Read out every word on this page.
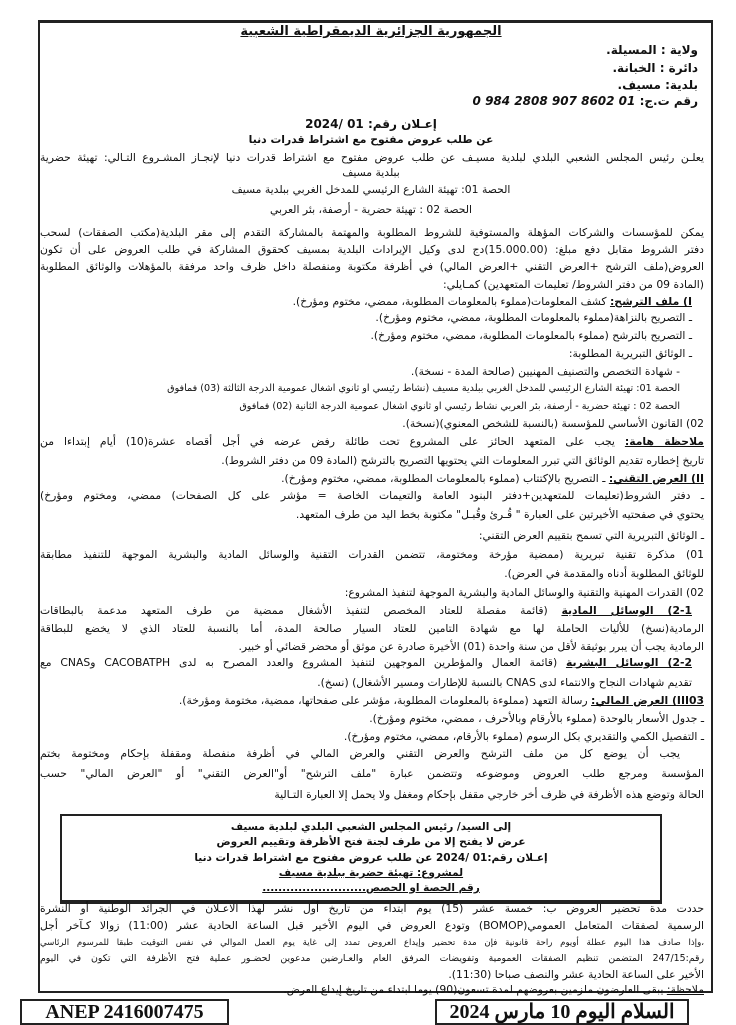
الجمهورية الجزائرية الديمقراطية الشعبية
ولاية : المسيلة.
دائرة : الخبانة.
بلدية: مسيف.
رقم ت.ج: 0 984 2808 907 8602 01
إعـلان رقم: 01 /2024
عن طلب عروض مفتوح مع اشتراط قدرات دنيا
يعلـن رئيس المجلس الشعبي البلدي لبلدية مسيـف عن طلب عروض مفتوح مع اشتراط قدرات دنيا لإنجـاز المشـروع التـالي: تهيئة حضرية
ببلدية مسيف
الحصة 01: تهيئة الشارع الرئيسي للمدخل الغربي ببلدية مسيف
الحصة 02 : تهيئة حضرية - أرصفة، بئر العربي
يمكن للمؤسسات والشركات المؤهلة والمستوفية للشروط المطلوبة والمهتمة بالمشاركة التقدم إلى مقر البلدية(مكتب الصفقات) لسحب
دفتر الشروط مقابل دفع مبلغ: (15.000.00)دج لدى وكيل الإيرادات البلدية بمسيف كحقوق المشاركة في طلب العروض على أن تكون
العروض(ملف الترشح +العرض التقني +العرض المالي) في أظرفة مكتوبة ومنفصلة داخل ظرف واحد مرفقة بالمؤهلات والوثائق المطلوبة
(المادة 09 من دفتر الشروط/ تعليمات المتعهدين) كمـايلي:
I) ملف الترشح: كشف المعلومات(مملوء بالمعلومات المطلوبة، ممضي، مختوم ومؤرخ).
ـ التصريح بالنزاهة(مملوء بالمعلومات المطلوبة، ممضي، مختوم ومؤرخ).
ـ التصريح بالترشح (مملوء بالمعلومات المطلوبة، ممضي، مختوم ومؤرخ).
ـ الوثائق التبريرية المطلوبة:
- شهادة التخصص والتصنيف المهنيين (صالحة المدة - نسخة).
الحصة 01: تهيئة الشارع الرئيسي للمدخل الغربي ببلدية مسيف (نشاط رئيسي او ثانوي اشغال عمومية الدرجة الثالثة (03) فمافوق
الحصة 02 : تهيئة حضرية - أرصفة، بئر العربي نشاط رئيسي او ثانوي اشغال عمومية الدرجة الثانية (02) فمافوق
02) القانون الأساسي للمؤسسة (بالنسبة للشخص المعنوي)(نسخة).
ملاحظة هامة: يجب على المتعهد الحائز على المشروع تحت طائلة رفض عرضه في أجل أقصاه عشرة(10) أيام إبتداءا من
تاريخ إخطاره تقديم الوثائق التي تبرر المعلومات التي يحتويها التصريح بالترشح (المادة 09 من دفتر الشروط).
II) العرض التقني: ـ التصريح بالإكتتاب (مملوء بالمعلومات المطلوبة، ممضي، مختوم ومؤرخ).
ـ دفتر الشروط(تعليمات للمتعهدين+دفتر البنود العامة والتعيمات الخاصة = مؤشر على كل الصفحات) ممضي، ومختوم ومؤرخ)
يحتوي في صفحتيه الأخيرتين على العبارة " قُـرئ وقُبـل" مكتوبة بخط اليد من طرف المتعهد.
ـ الوثائق التبريرية التي تسمح بتقييم العرض التقني:
01) مذكرة تقنية تبريرية (ممضية مؤرخة ومختومة، تتضمن القدرات التقنية والوسائل المادية والبشرية الموجهة للتنفيذ مطابقة
للوثائق المطلوبة أدناه والمقدمة في العرض).
02) القدرات المهنية والتقنية والوسائل المادية والبشرية الموجهة لتنفيذ المشروع:
2-1) الوسائل المادية (قائمة مفصلة للعتاد المخصص لتنفيذ الأشغال ممضية من طرف المتعهد مدعمة بالبطاقات
الرمادية(نسخ) للأليات الحاملة لها مع شهادة التامين للعتاد السيار صالحة المدة، أما بالنسبة للعتاد الذي لا يخضع للبطاقة
الرمادية يجب أن يبرر بوثيقة لأقل من سنة واحدة (01) الأخيرة صادرة عن موثق أو محضر قضائي أو خبير.
2-2) الوسائل البشرية (قائمة العمال والمؤطرين الموجهين لتنفيذ المشروع والعدد المصرح به لدى CACOBATPH وCNAS مع
تقديم شهادات النجاح والانتماء لدى CNAS بالنسبة للإطارات ومسير الأشغال) (نسخ).
III03) العرض المالي: رسالة التعهد (مملوءة بالمعلومات المطلوبة، مؤشر على صفحاتها، ممضية، مختومة ومؤرخة).
ـ جدول الأسعار بالوحدة (مملوء بالأرقام وبالأحرف ، ممضي، مختوم ومؤرخ).
ـ التفصيل الكمي والتقديري بكل الرسوم (مملوء بالأرقام، ممضي، مختوم ومؤرخ).
يجب أن يوضع كل من ملف الترشح والعرض التقني والعرض المالي في أظرفة منفصلة ومقفلة بإحكام ومختومة بختم
المؤسسة ومرجع طلب العروض وموضوعه وتتضمن عبارة "ملف الترشح" أو"العرض التقني" أو "العرض المالي" حسب
الحالة وتوضع هذه الأظرفة في ظرف أخر خارجي مقفل بإحكام ومغفل ولا يحمل إلا العبارة التـالية
إلى السيد/ رئيس المجلس الشعبي البلدي لبلدية مسيف
عرض لا يفتح إلا من طرف لجنة فتح الأظرفة وتقييم العروض
إعـلان رقم:01 /2024 عن طلب عروض مفتوح مع اشتراط قدرات دنيا
لمشروع: تهيئة حضرية ببلدية مسيف
رقم الحصة او الحصص..........................
حددت مدة تحضير العروض ب: خمسة عشر (15) يوم ابتداء من تاريخ أول نشر لهذا الاعـلان في الجرائد الوطنية أو النشرة
الرسمية لصفقات المتعامل العمومي(BOMOP) وتودع العروض في اليوم الأخير قبل الساعة الحادية عشر (11:00) زوالا كـآخر أجل
،وإذا صادف هذا اليوم عطلة أويوم راحة قانونية فإن مدة تحضير وإيداع العروض تمدد إلى غاية يوم العمل الموالي في نفس التوقيت طبقا للمرسوم الرئاسي
رقم:247/15 المتضمن تنظيم الصفقات العمومية وتفويضات المرفق العام والعـارضين مدعوين لحضـور عملية فتح الأظرفة التي تكون في اليوم
الأخير على الساعة الحادية عشر والنصف صباحا (11:30).
ملاحظة: يبقى العارضون ملزمين بعروضهم لمدة تسعون(90) يوما ابتداء من تاريخ إيداع العرض.
ANEP 2416007475	السلام اليوم 10 مارس 2024
